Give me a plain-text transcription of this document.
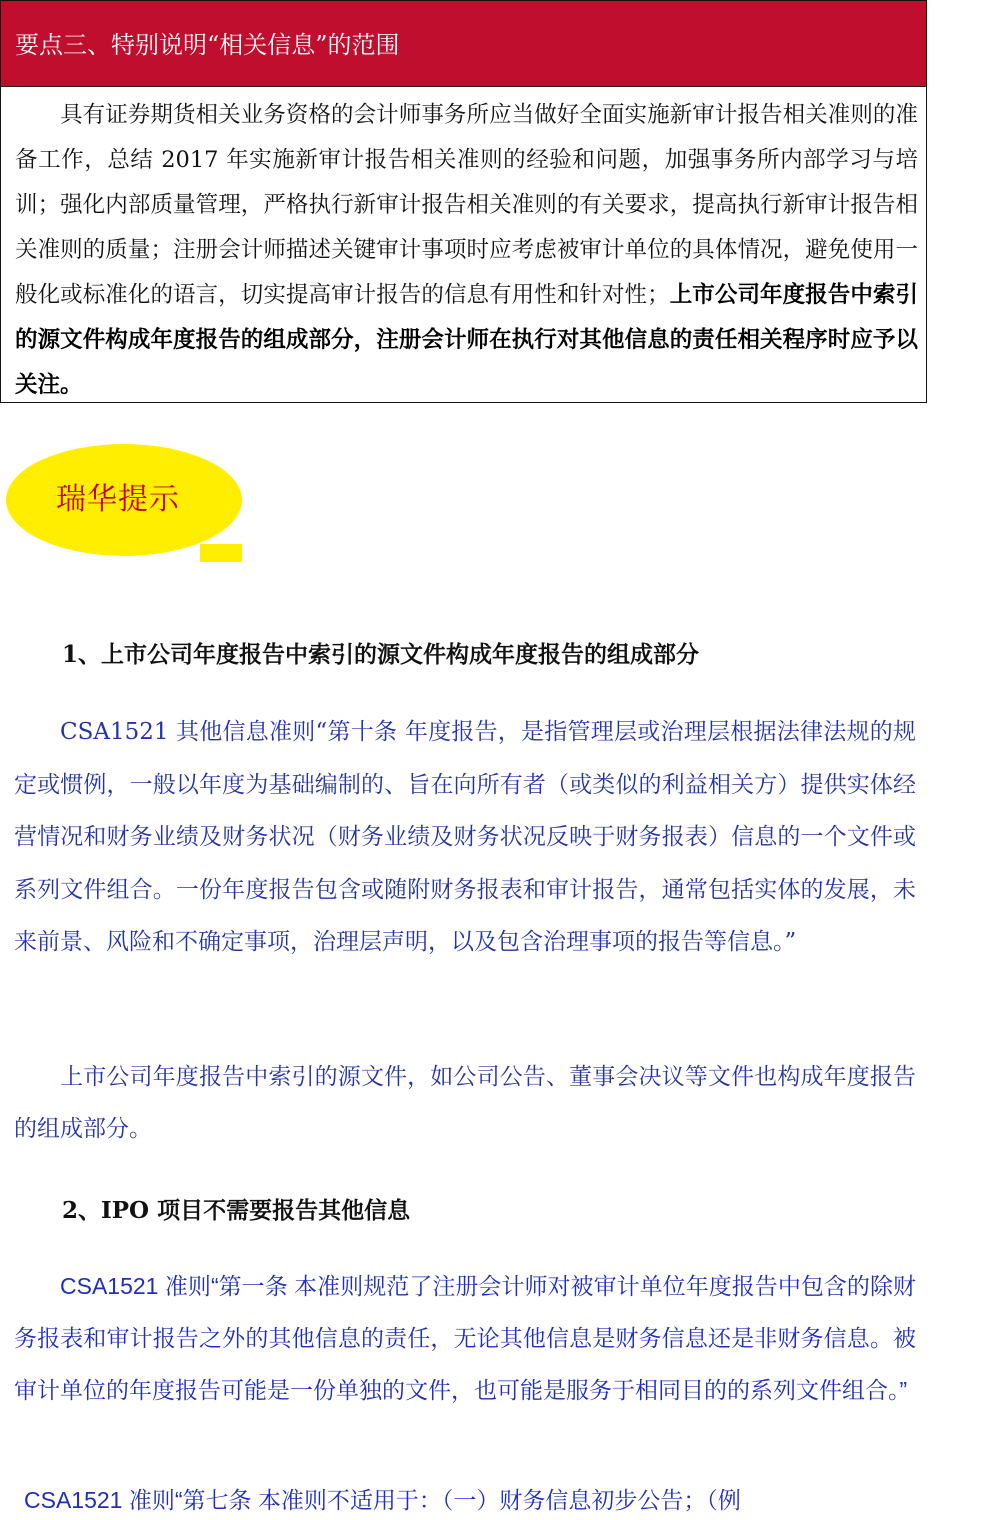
要点三、特别说明“相关信息”的范围
具有证券期货相关业务资格的会计师事务所应当做好全面实施新审计报告相关准则的准备工作，总结 2017 年实施新审计报告相关准则的经验和问题，加强事务所内部学习与培训；强化内部质量管理，严格执行新审计报告相关准则的有关要求，提高执行新审计报告相关准则的质量；注册会计师描述关键审计事项时应考虑被审计单位的具体情况，避免使用一般化或标准化的语言，切实提高审计报告的信息有用性和针对性；上市公司年度报告中索引的源文件构成年度报告的组成部分，注册会计师在执行对其他信息的责任相关程序时应予以关注。
瑞华提示
1、上市公司年度报告中索引的源文件构成年度报告的组成部分
CSA1521 其他信息准则“第十条 年度报告，是指管理层或治理层根据法律法规的规定或惯例，一般以年度为基础编制的、旨在向所有者（或类似的利益相关方）提供实体经营情况和财务业绩及财务状况（财务业绩及财务状况反映于财务报表）信息的一个文件或系列文件组合。一份年度报告包含或随附财务报表和审计报告，通常包括实体的发展，未来前景、风险和不确定事项，治理层声明，以及包含治理事项的报告等信息。”
上市公司年度报告中索引的源文件，如公司公告、董事会决议等文件也构成年度报告的组成部分。
2、IPO 项目不需要报告其他信息
CSA1521 准则“第一条 本准则规范了注册会计师对被审计单位年度报告中包含的除财务报表和审计报告之外的其他信息的责任，无论其他信息是财务信息还是非财务信息。被审计单位的年度报告可能是一份单独的文件，也可能是服务于相同目的的系列文件组合。”
CSA1521 准则“第七条 本准则不适用于：（一）财务信息初步公告；（例
